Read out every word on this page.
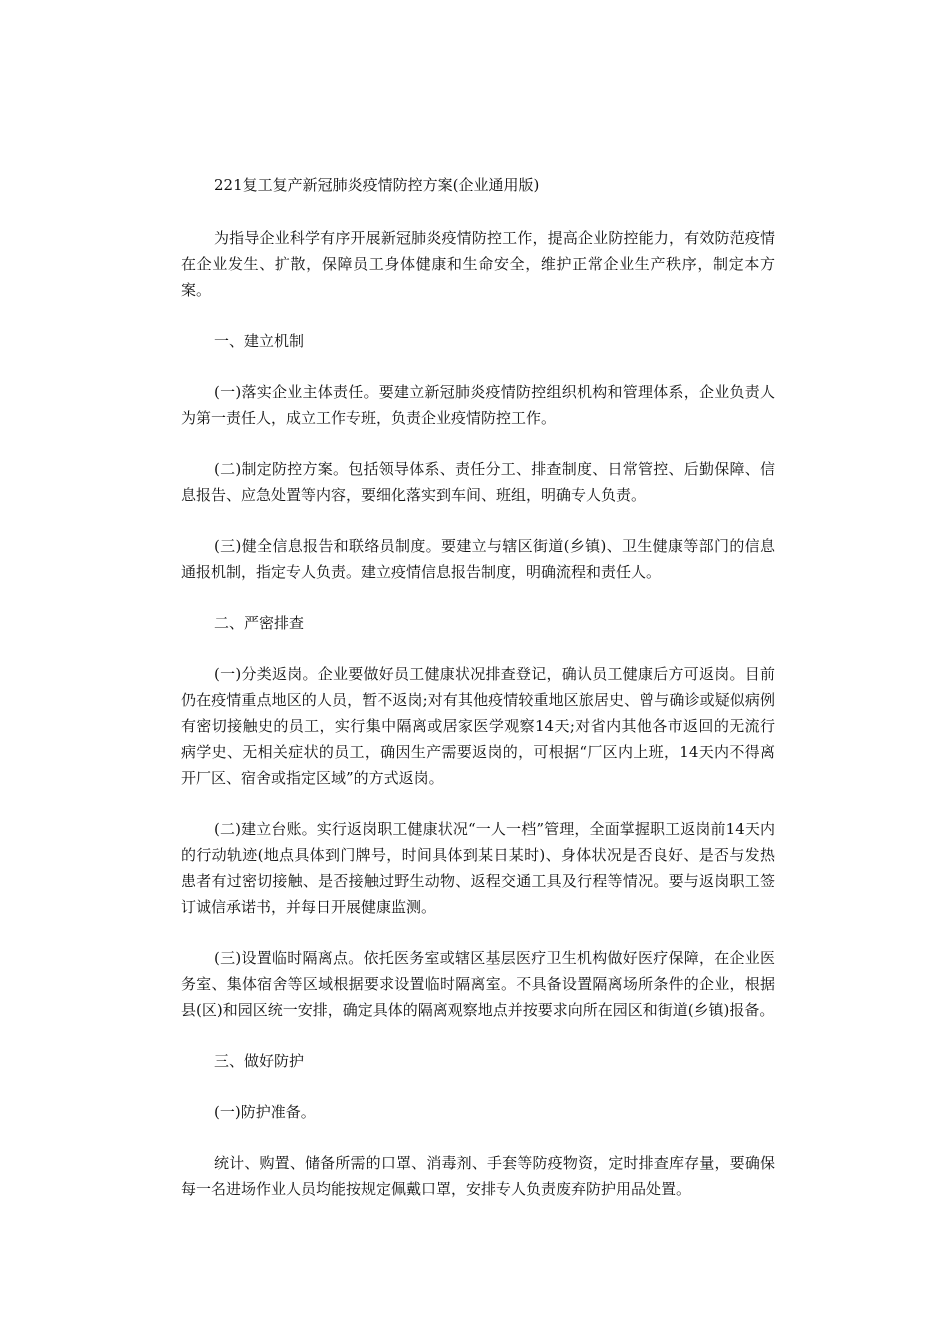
221复工复产新冠肺炎疫情防控方案(企业通用版)

为指导企业科学有序开展新冠肺炎疫情防控工作，提高企业防控能力，有效防范疫情在企业发生、扩散，保障员工身体健康和生命安全，维护正常企业生产秩序，制定本方案。

一、建立机制

(一)落实企业主体责任。要建立新冠肺炎疫情防控组织机构和管理体系，企业负责人为第一责任人，成立工作专班，负责企业疫情防控工作。

(二)制定防控方案。包括领导体系、责任分工、排查制度、日常管控、后勤保障、信息报告、应急处置等内容，要细化落实到车间、班组，明确专人负责。

(三)健全信息报告和联络员制度。要建立与辖区街道(乡镇)、卫生健康等部门的信息通报机制，指定专人负责。建立疫情信息报告制度，明确流程和责任人。

二、严密排查

(一)分类返岗。企业要做好员工健康状况排查登记，确认员工健康后方可返岗。目前仍在疫情重点地区的人员，暂不返岗;对有其他疫情较重地区旅居史、曾与确诊或疑似病例有密切接触史的员工，实行集中隔离或居家医学观察14天;对省内其他各市返回的无流行病学史、无相关症状的员工，确因生产需要返岗的，可根据“厂区内上班，14天内不得离开厂区、宿舍或指定区域”的方式返岗。

(二)建立台账。实行返岗职工健康状况“一人一档”管理，全面掌握职工返岗前14天内的行动轨迹(地点具体到门牌号，时间具体到某日某时)、身体状况是否良好、是否与发热患者有过密切接触、是否接触过野生动物、返程交通工具及行程等情况。要与返岗职工签订诚信承诺书，并每日开展健康监测。

(三)设置临时隔离点。依托医务室或辖区基层医疗卫生机构做好医疗保障，在企业医务室、集体宿舍等区域根据要求设置临时隔离室。不具备设置隔离场所条件的企业，根据县(区)和园区统一安排，确定具体的隔离观察地点并按要求向所在园区和街道(乡镇)报备。

三、做好防护

(一)防护准备。

统计、购置、储备所需的口罩、消毒剂、手套等防疫物资，定时排查库存量，要确保每一名进场作业人员均能按规定佩戴口罩，安排专人负责废弃防护用品处置。
